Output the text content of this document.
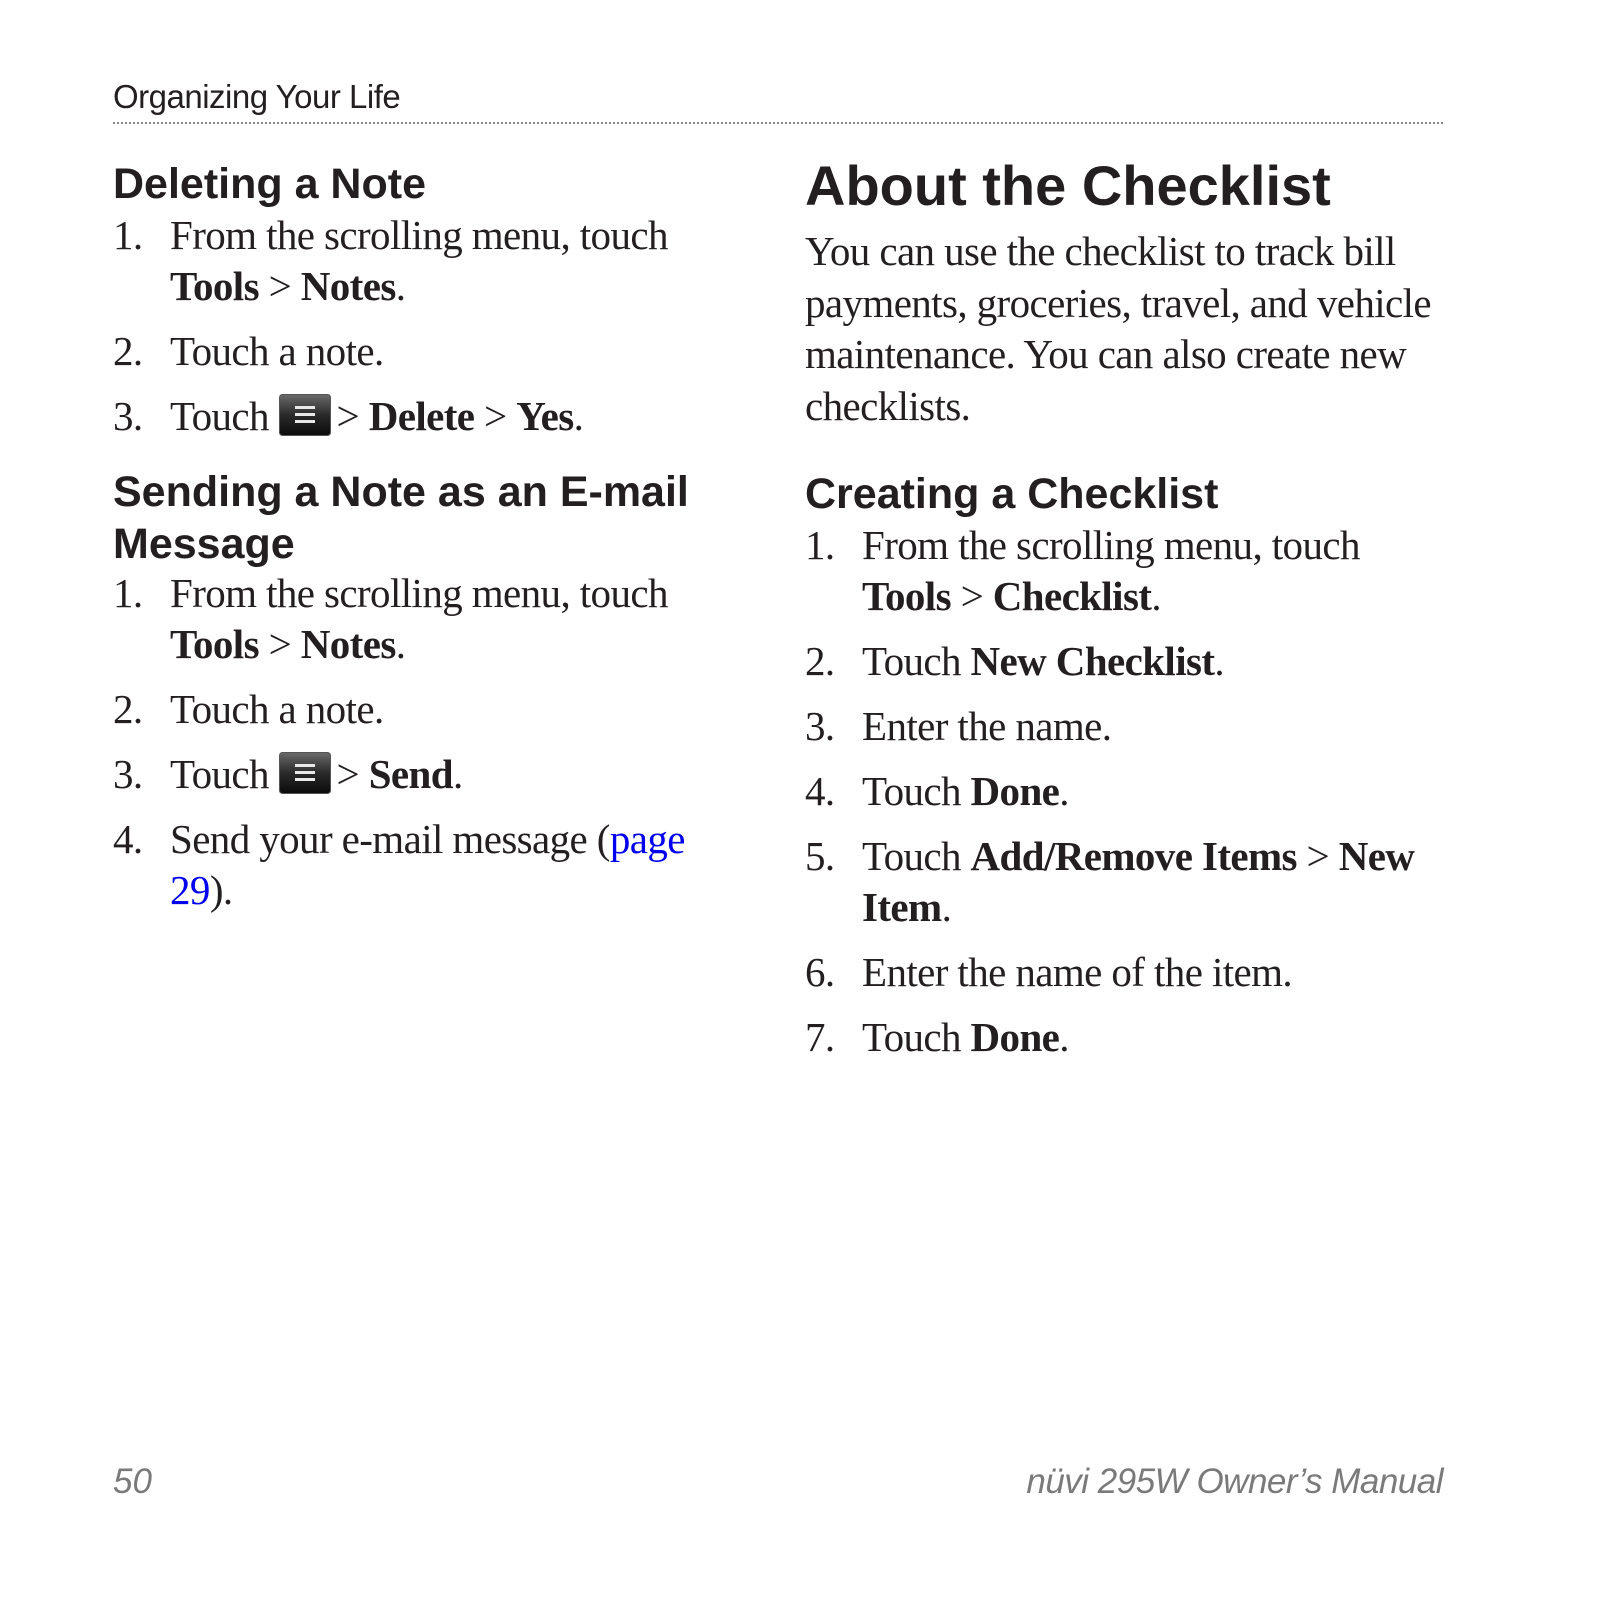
Organizing Your Life
Deleting a Note
1. From the scrolling menu, touch
Tools > Notes.
2. Touch a note.
3. Touch > Delete > Yes.
Sending a Note as an E-mail
Message
1. From the scrolling menu, touch
Tools > Notes.
2. Touch a note.
3. Touch > Send.
4. Send your e-mail message (page
29).
About the Checklist

You can use the checklist to track bill
payments, groceries, travel, and vehicle
maintenance. You can also create new
checklists.

Creating a Checklist
1. From the scrolling menu, touch
Tools > Checklist.
2. Touch New Checklist.
3. Enter the name.
4. Touch Done.
5. Touch Add/Remove Items > New
Item.
6. Enter the name of the item.
7. Touch Done.
50	nüvi 295W Owner’s Manual
